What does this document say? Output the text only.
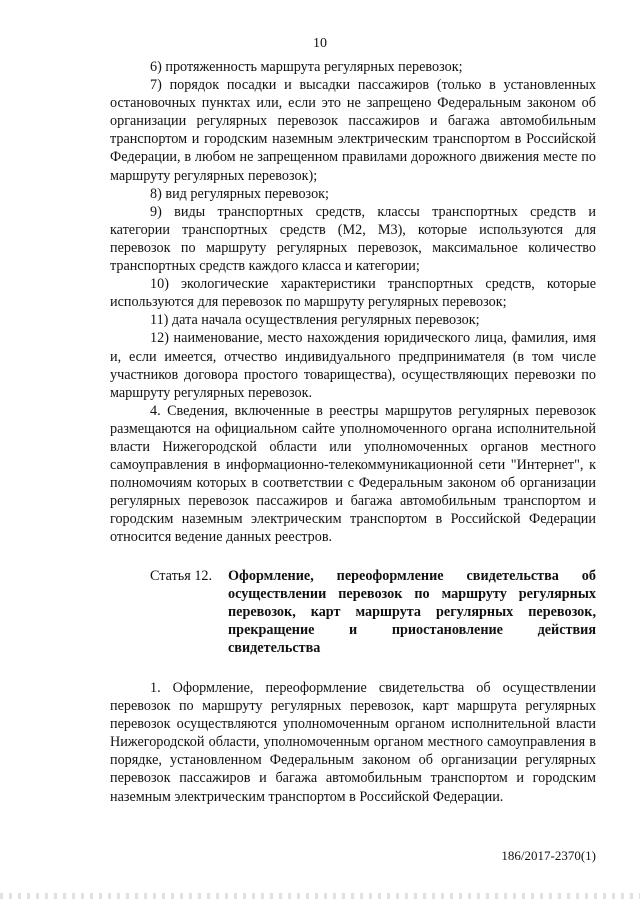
10

6) протяженность маршрута регулярных перевозок;

7) порядок посадки и высадки пассажиров (только в установленных остановочных пунктах или, если это не запрещено Федеральным законом об организации регулярных перевозок пассажиров и багажа автомобильным транспортом и городским наземным электрическим транспортом в Российской Федерации, в любом не запрещенном правилами дорожного движения месте по маршруту регулярных перевозок);

8) вид регулярных перевозок;

9) виды транспортных средств, классы транспортных средств и категории транспортных средств (М2, М3), которые используются для перевозок по маршруту регулярных перевозок, максимальное количество транспортных средств каждого класса и категории;

10) экологические характеристики транспортных средств, которые используются для перевозок по маршруту регулярных перевозок;

11) дата начала осуществления регулярных перевозок;

12) наименование, место нахождения юридического лица, фамилия, имя и, если имеется, отчество индивидуального предпринимателя (в том числе участников договора простого товарищества), осуществляющих перевозки по маршруту регулярных перевозок.

4. Сведения, включенные в реестры маршрутов регулярных перевозок размещаются на официальном сайте уполномоченного органа исполнительной власти Нижегородской области или уполномоченных органов местного самоуправления в информационно-телекоммуникационной сети "Интернет", к полномочиям которых в соответствии с Федеральным законом об организации регулярных перевозок пассажиров и багажа автомобильным транспортом и городским наземным электрическим транспортом в Российской Федерации относится ведение данных реестров.

Статья 12.	Оформление, переоформление свидетельства об осуществлении перевозок по маршруту регулярных перевозок, карт маршрута регулярных перевозок, прекращение и приостановление действия свидетельства

1. Оформление, переоформление свидетельства об осуществлении перевозок по маршруту регулярных перевозок, карт маршрута регулярных перевозок осуществляются уполномоченным органом исполнительной власти Нижегородской области, уполномоченным органом местного самоуправления в порядке, установленном Федеральным законом об организации регулярных перевозок пассажиров и багажа автомобильным транспортом и городским наземным электрическим транспортом в Российской Федерации.

186/2017-2370(1)
